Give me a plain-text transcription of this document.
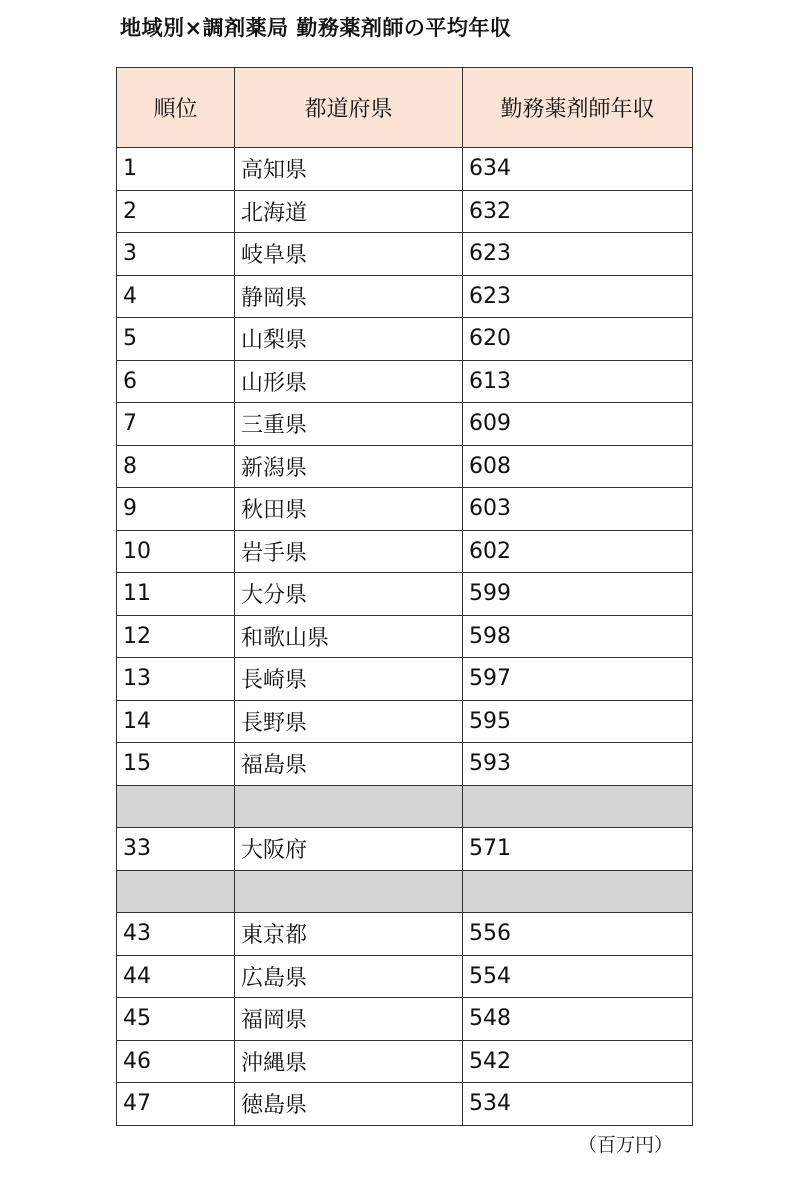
地域別×調剤薬局 勤務薬剤師の平均年収
順位	都道府県	勤務薬剤師年収
1	高知県	634
2	北海道	632
3	岐阜県	623
4	静岡県	623
5	山梨県	620
6	山形県	613
7	三重県	609
8	新潟県	608
9	秋田県	603
10	岩手県	602
11	大分県	599
12	和歌山県	598
13	長崎県	597
14	長野県	595
15	福島県	593

33	大阪府	571

43	東京都	556
44	広島県	554
45	福岡県	548
46	沖縄県	542
47	徳島県	534
（百万円）
